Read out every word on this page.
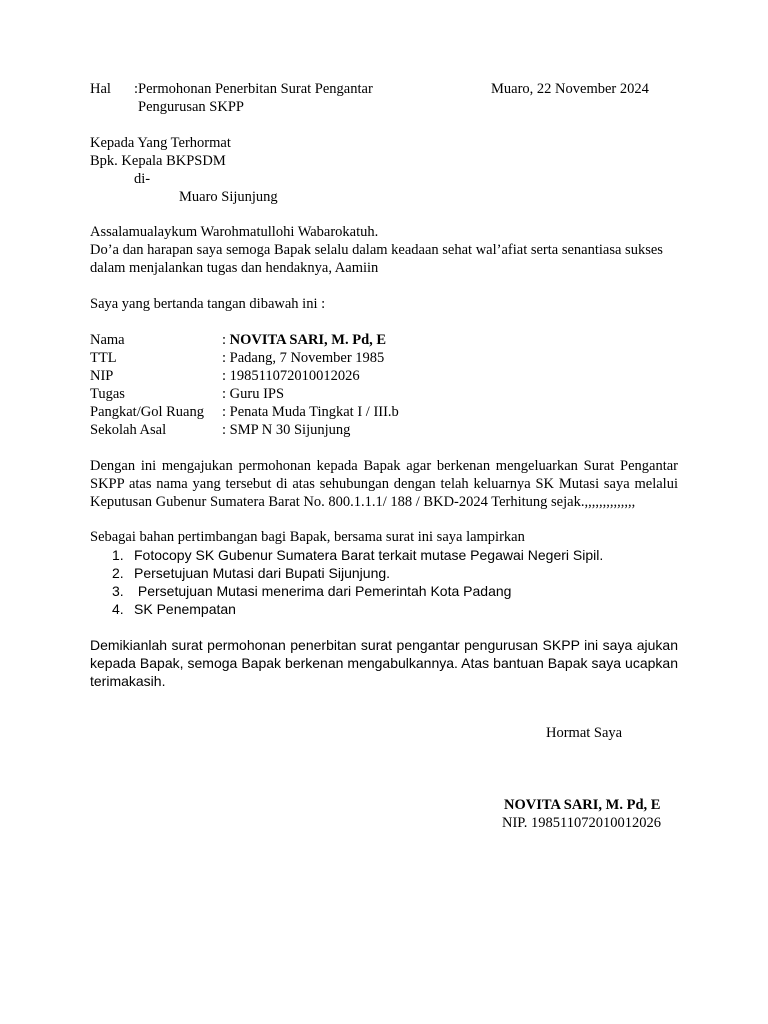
Hal :Permohonan Penerbitan Surat Pengantar
Pengurusan SKPP
Muaro, 22 November 2024
Kepada Yang Terhormat
Bpk. Kepala BKPSDM
di-
Muaro Sijunjung
Assalamualaykum Warohmatullohi Wabarokatuh.

Do’a dan harapan saya semoga Bapak selalu dalam keadaan sehat wal’afiat serta senantiasa sukses dalam menjalankan tugas dan hendaknya, Aamiin

Saya yang bertanda tangan dibawah ini :
Nama	: NOVITA SARI, M. Pd, E
TTL	: Padang, 7 November 1985
NIP	: 198511072010012026
Tugas	: Guru IPS
Pangkat/Gol Ruang : Penata Muda Tingkat I / III.b
Sekolah Asal	: SMP N 30 Sijunjung

Dengan ini mengajukan permohonan kepada Bapak agar berkenan mengeluarkan Surat Pengantar SKPP atas nama yang tersebut di atas sehubungan dengan telah keluarnya SK Mutasi saya melalui Keputusan Gubenur Sumatera Barat No. 800.1.1.1/ 188 / BKD-2024 Terhitung sejak.,,,,,,,,,,,,,,

Sebagai bahan pertimbangan bagi Bapak, bersama surat ini saya lampirkan
1. Fotocopy SK Gubenur Sumatera Barat terkait mutase Pegawai Negeri Sipil.
2. Persetujuan Mutasi dari Bupati Sijunjung.
3. Persetujuan Mutasi menerima dari Pemerintah Kota Padang
4. SK Penempatan

Demikianlah surat permohonan penerbitan surat pengantar pengurusan SKPP ini saya ajukan kepada Bapak, semoga Bapak berkenan mengabulkannya. Atas bantuan Bapak saya ucapkan terimakasih.

Hormat Saya
NOVITA SARI, M. Pd, E
NIP. 198511072010012026
